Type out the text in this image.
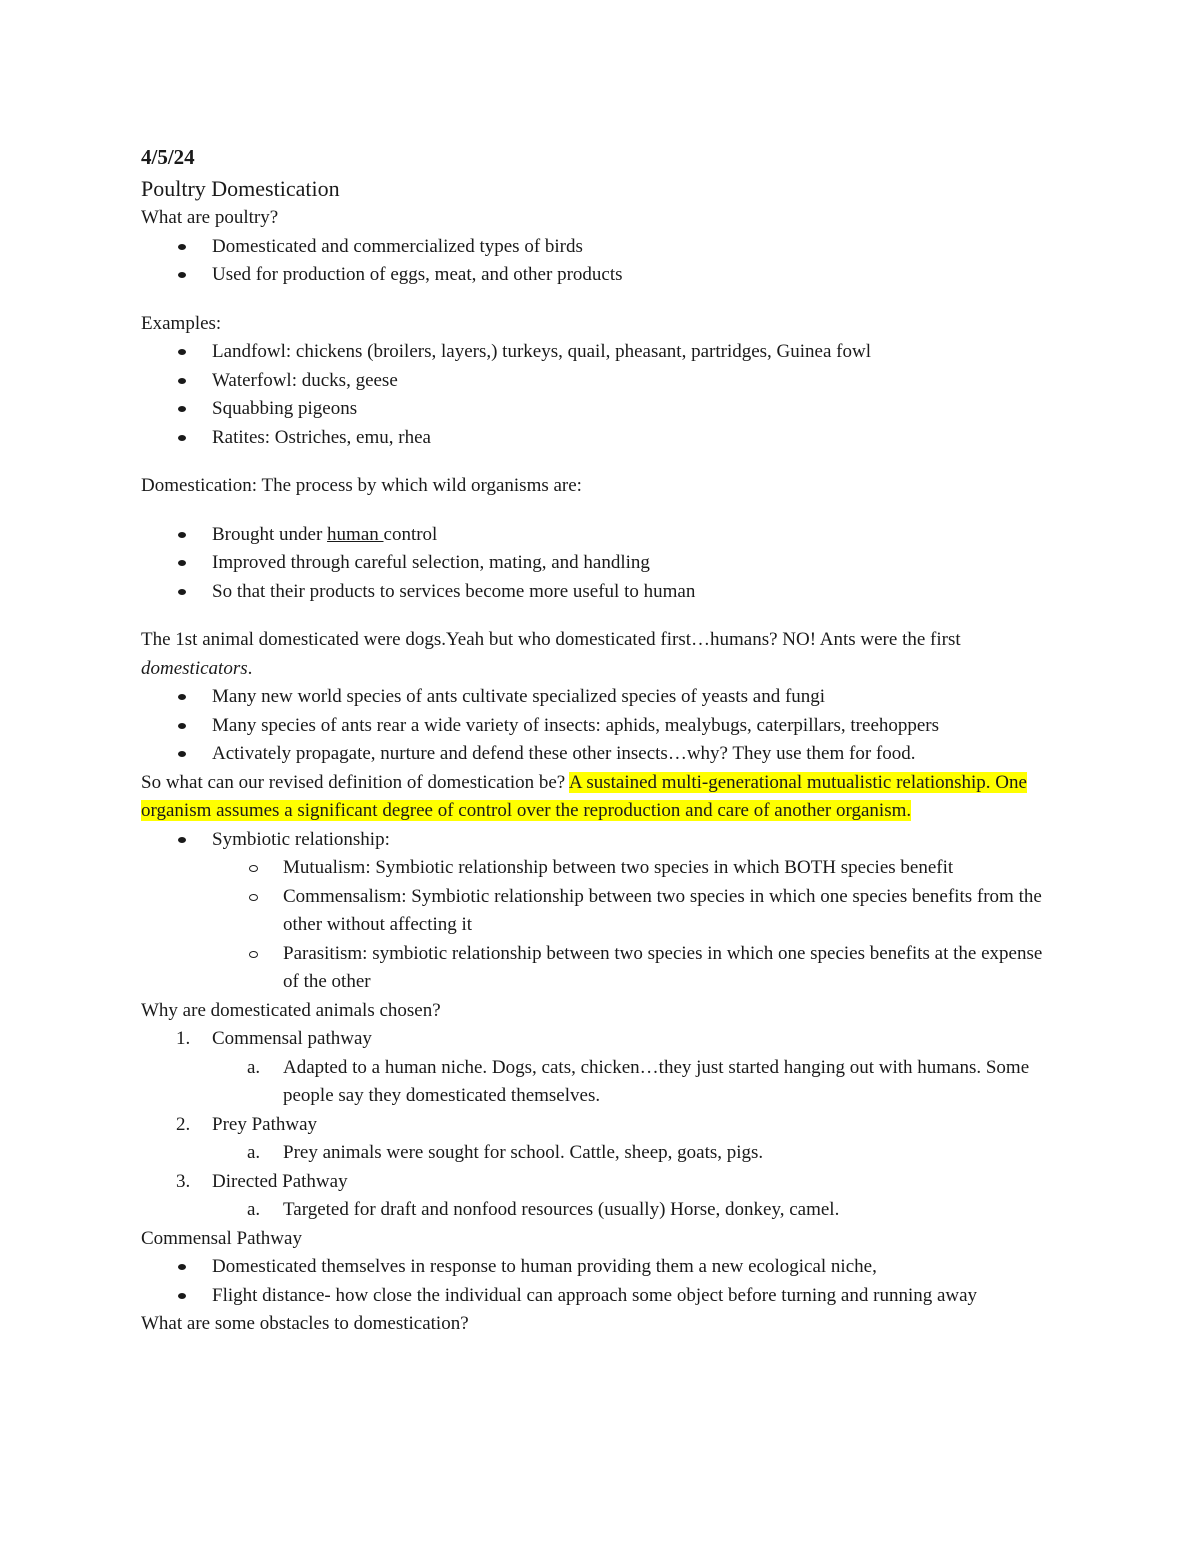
4/5/24

Poultry Domestication

What are poultry?

Domesticated and commercialized types of birds
Used for production of eggs, meat, and other products

Examples:

Landfowl: chickens (broilers, layers,) turkeys, quail, pheasant, partridges, Guinea fowl
Waterfowl: ducks, geese
Squabbing pigeons
Ratites: Ostriches, emu, rhea

Domestication: The process by which wild organisms are:

Brought under human control
Improved through careful selection, mating, and handling
So that their products to services become more useful to human

The 1st animal domesticated were dogs.Yeah but who domesticated first…humans? NO! Ants were the first domesticators.

Many new world species of ants cultivate specialized species of yeasts and fungi
Many species of ants rear a wide variety of insects: aphids, mealybugs, caterpillars, treehoppers
Activately propagate, nurture and defend these other insects…why? They use them for food.

So what can our revised definition of domestication be? A sustained multi-generational mutualistic relationship. One organism assumes a significant degree of control over the reproduction and care of another organism.

Symbiotic relationship:
Mutualism: Symbiotic relationship between two species in which BOTH species benefit
Commensalism: Symbiotic relationship between two species in which one species benefits from the other without affecting it
Parasitism: symbiotic relationship between two species in which one species benefits at the expense of the other

Why are domesticated animals chosen?

1. Commensal pathway
a. Adapted to a human niche. Dogs, cats, chicken…they just started hanging out with humans. Some people say they domesticated themselves.
2. Prey Pathway
a. Prey animals were sought for school. Cattle, sheep, goats, pigs.
3. Directed Pathway
a. Targeted for draft and nonfood resources (usually) Horse, donkey, camel.

Commensal Pathway

Domesticated themselves in response to human providing them a new ecological niche,
Flight distance- how close the individual can approach some object before turning and running away

What are some obstacles to domestication?
